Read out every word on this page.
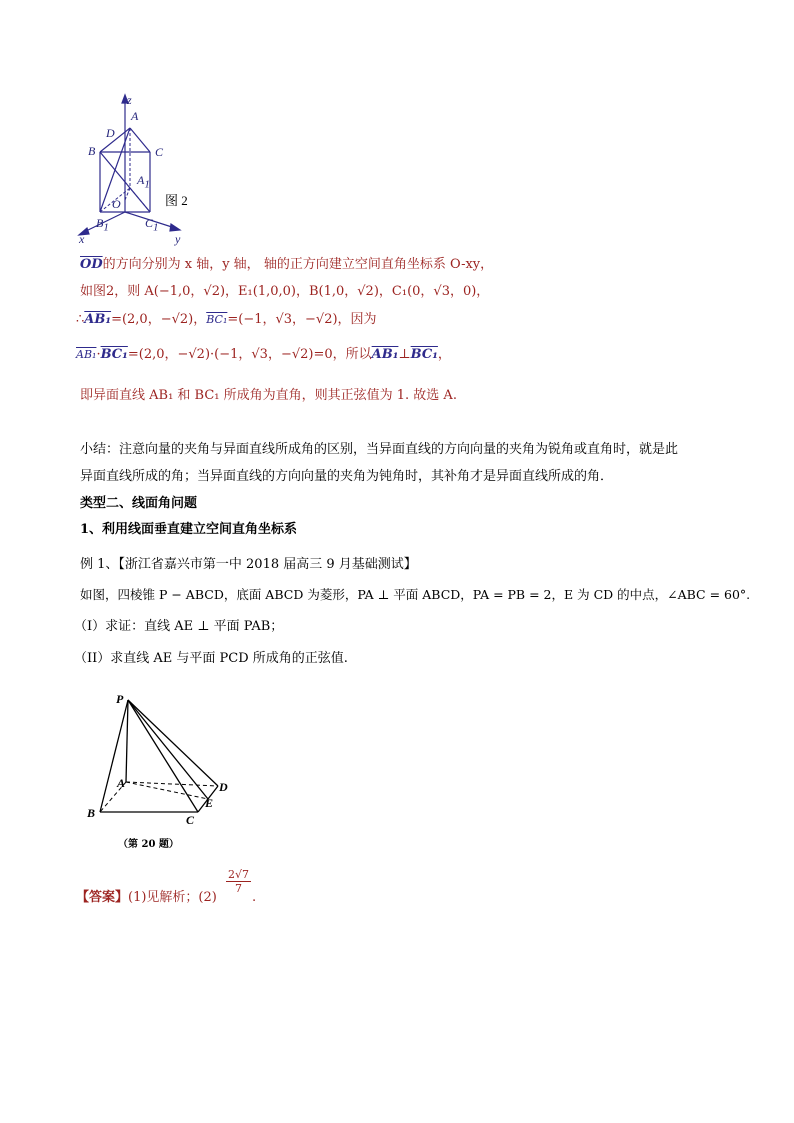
z
A
D
B	C
$A_1$
O
$B_1$	$C_1$
x	y
图 2
$\overline{OD}$的方向分别为 x 轴，y 轴， 轴的正方向建立空间直角坐标系 O-xy，
如图2，则 A(−1,0，√2)，E₁(1,0,0)，B(1,0，√2)，C₁(0，√3，0)，
∴AB₁=(2,0，−√2)，BC₁=(−1，√3，−√2)，因为
AB₁·BC₁=(2,0，−√2)·(−1，√3，−√2)=0，所以AB₁⊥BC₁，
即异面直线 AB₁ 和 BC₁ 所成角为直角，则其正弦值为 1. 故选 A.
小结：注意向量的夹角与异面直线所成角的区别，当异面直线的方向向量的夹角为锐角或直角时，就是此
异面直线所成的角；当异面直线的方向向量的夹角为钝角时，其补角才是异面直线所成的角．
类型二、线面角问题
1、利用线面垂直建立空间直角坐标系
例 1、【浙江省嘉兴市第一中 2018 届高三 9 月基础测试】
如图，四棱锥 P − ABCD，底面 ABCD 为菱形，PA ⊥ 平面 ABCD，PA = PB = 2，E 为 CD 的中点，∠ABC = 60°.
（I）求证：直线 AE ⊥ 平面 PAB；
（II）求直线 AE 与平面 PCD 所成角的正弦值.
P
A
B	C
D
E
（第 20 题）
【答案】(1)见解析；(2)
$\frac{2√7}{7}$
.
